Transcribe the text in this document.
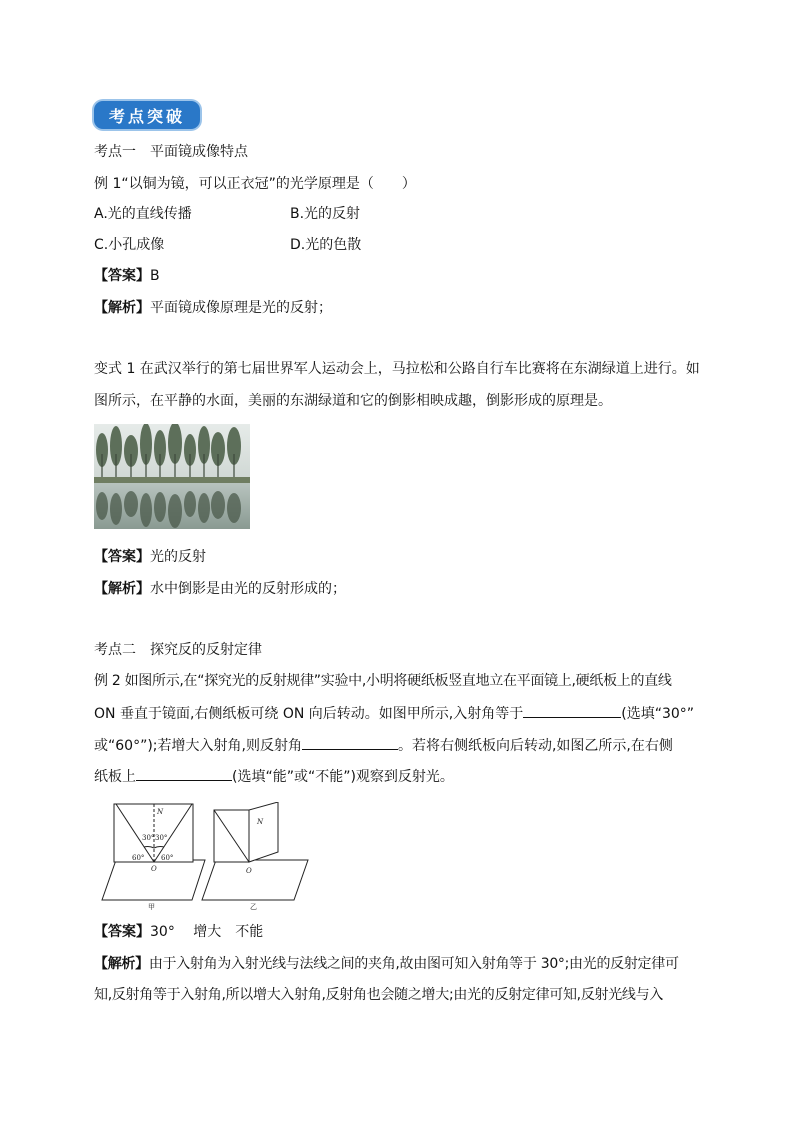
考点突破
考点一　平面镜成像特点
例 1“以铜为镜，可以正衣冠”的光学原理是（　　）
A.光的直线传播	B.光的反射
C.小孔成像	D.光的色散
【答案】B
【解析】平面镜成像原理是光的反射；
变式 1 在武汉举行的第七届世界军人运动会上，马拉松和公路自行车比赛将在东湖绿道上进行。如
图所示，在平静的水面，美丽的东湖绿道和它的倒影相映成趣，倒影形成的原理是。
【答案】光的反射
【解析】水中倒影是由光的反射形成的；
考点二　探究反的反射定律
例 2 如图所示,在“探究光的反射规律”实验中,小明将硬纸板竖直地立在平面镜上,硬纸板上的直线
ON 垂直于镜面,右侧纸板可绕 ON 向后转动。如图甲所示,入射角等于	(选填“30°”
或“60°”);若增大入射角,则反射角	。若将右侧纸板向后转动,如图乙所示,在右侧
纸板上	(选填“能”或“不能”)观察到反射光。
N
O
30° 30°
60° 60°
N
O
甲	乙
【答案】30°　 增大　不能
【解析】由于入射角为入射光线与法线之间的夹角,故由图可知入射角等于 30°;由光的反射定律可
知,反射角等于入射角,所以增大入射角,反射角也会随之增大;由光的反射定律可知,反射光线与入
